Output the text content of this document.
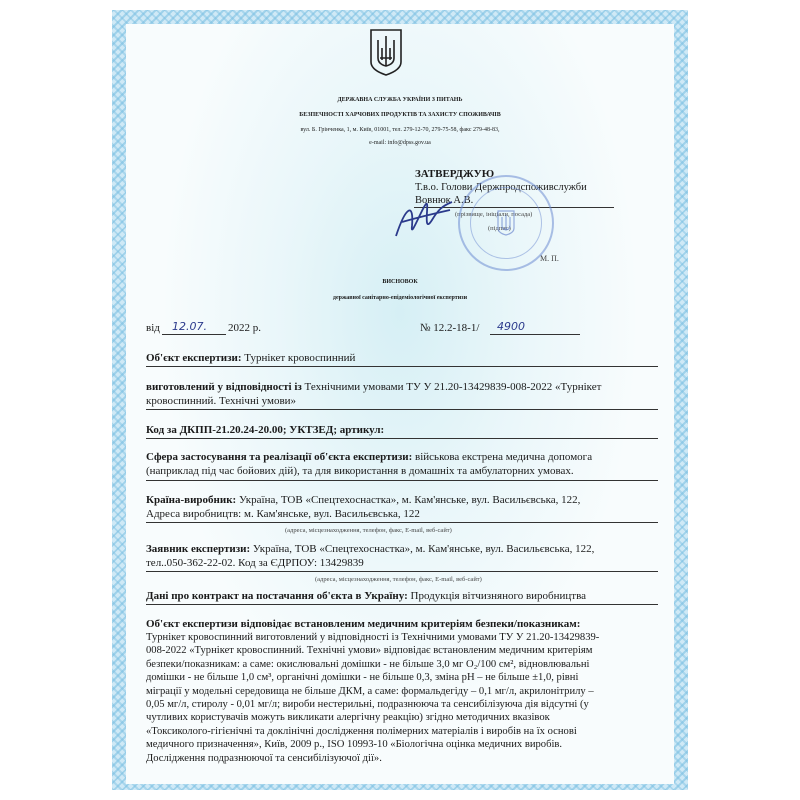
ДЕРЖАВНА СЛУЖБА УКРАЇНИ З ПИТАНЬ
БЕЗПЕЧНОСТІ ХАРЧОВИХ ПРОДУКТІВ ТА ЗАХИСТУ СПОЖИВАЧІВ
вул. Б. Грінченка, 1, м. Київ, 01001, тел. 279-12-70, 279-75-58, факс 279-48-83,
e-mail: info@dpss.gov.ua
ЗАТВЕРДЖУЮ
Т.в.о. Голови Держпродспоживслужби
Вовнюк А.В.
(прізвище, ініціали, посада)
(підпис)
М. П.
ВИСНОВОК
державної санітарно-епідеміологічної експертизи
від 12.07. 2022 р.	№ 12.2-18-1/ 4900
Об'єкт експертизи: Турнікет кровоспинний
виготовлений у відповідності із Технічними умовами ТУ У 21.20-13429839-008-2022 «Турнікет
кровоспинний. Технічні умови»
Код за ДКПП-21.20.24-20.00; УКТЗЕД; артикул:
Сфера застосування та реалізації об'єкта експертизи: військова екстрена медична допомога
(наприклад під час бойових дій), та для використання в домашніх та амбулаторних умовах.
Країна-виробник: Україна, ТОВ «Спецтехоснастка», м. Кам'янське, вул. Васильєвська, 122,
Адреса виробництв: м. Кам'янське, вул. Васильєвська, 122
(адреса, місцезнаходження, телефон, факс, E-mail, веб-сайт)
Заявник експертизи: Україна, ТОВ «Спецтехоснастка», м. Кам'янське, вул. Васильєвська, 122,
тел..050-362-22-02. Код за ЄДРПОУ: 13429839
(адреса, місцезнаходження, телефон, факс, E-mail, веб-сайт)
Дані про контракт на постачання об'єкта в Україну: Продукція вітчизняного виробництва
Об'єкт експертизи відповідає встановленим медичним критеріям безпеки/показникам:
Турнікет кровоспинний виготовлений у відповідності із Технічними умовами ТУ У 21.20-13429839-
008-2022 «Турнікет кровоспинний. Технічні умови» відповідає встановленим медичним критеріям
безпеки/показникам: а саме: окислювальні домішки - не більше 3,0 мг O₂/100 см², відновлювальні
домішки - не більше 1,0 см³, органічні домішки - не більше 0,3, зміна pH – не більше ±1,0, рівні
міграції у модельні середовища не більше ДКМ, а саме: формальдегіду – 0,1 мг/л, акрилонітрилу –
0,05 мг/л, стиролу - 0,01 мг/л; вироби нестерильні, подразнююча та сенсибілізуюча дія відсутні (у
чутливих користувачів можуть викликати алергічну реакцію) згідно методичних вказівок
«Токсиколого-гігієнічні та доклінічні дослідження полімерних матеріалів і виробів на їх основі
медичного призначення», Київ, 2009 р., ISO 10993-10 «Біологічна оцінка медичних виробів.
Дослідження подразнюючої та сенсибілізуючої дії».
